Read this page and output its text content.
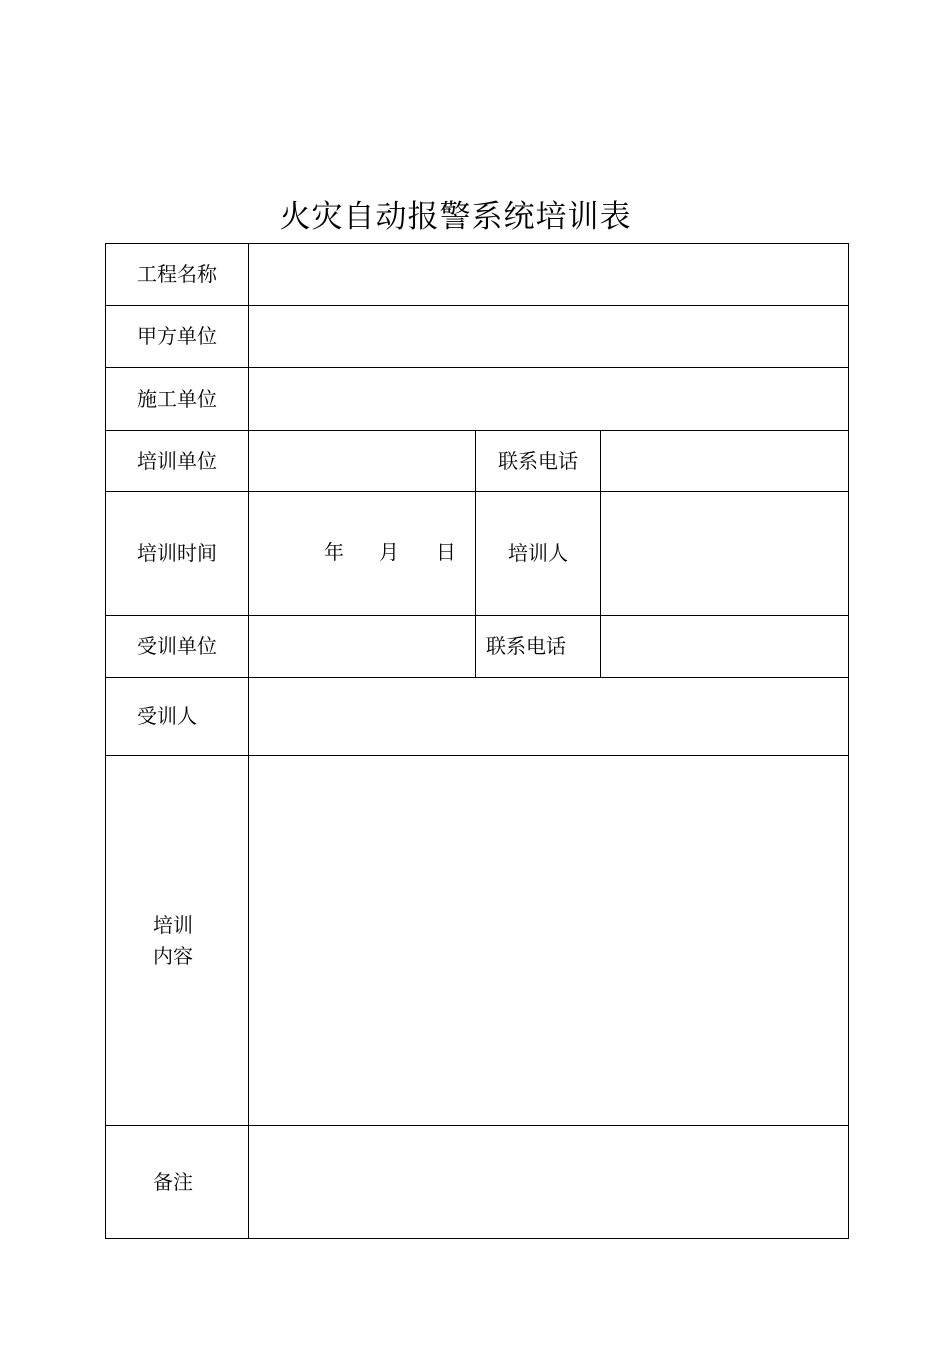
火灾自动报警系统培训表
工程名称
甲方单位
施工单位
培训单位	联系电话
培训时间	年 月 日	培训人
受训单位	联系电话
受训人
培训
内容
备注
